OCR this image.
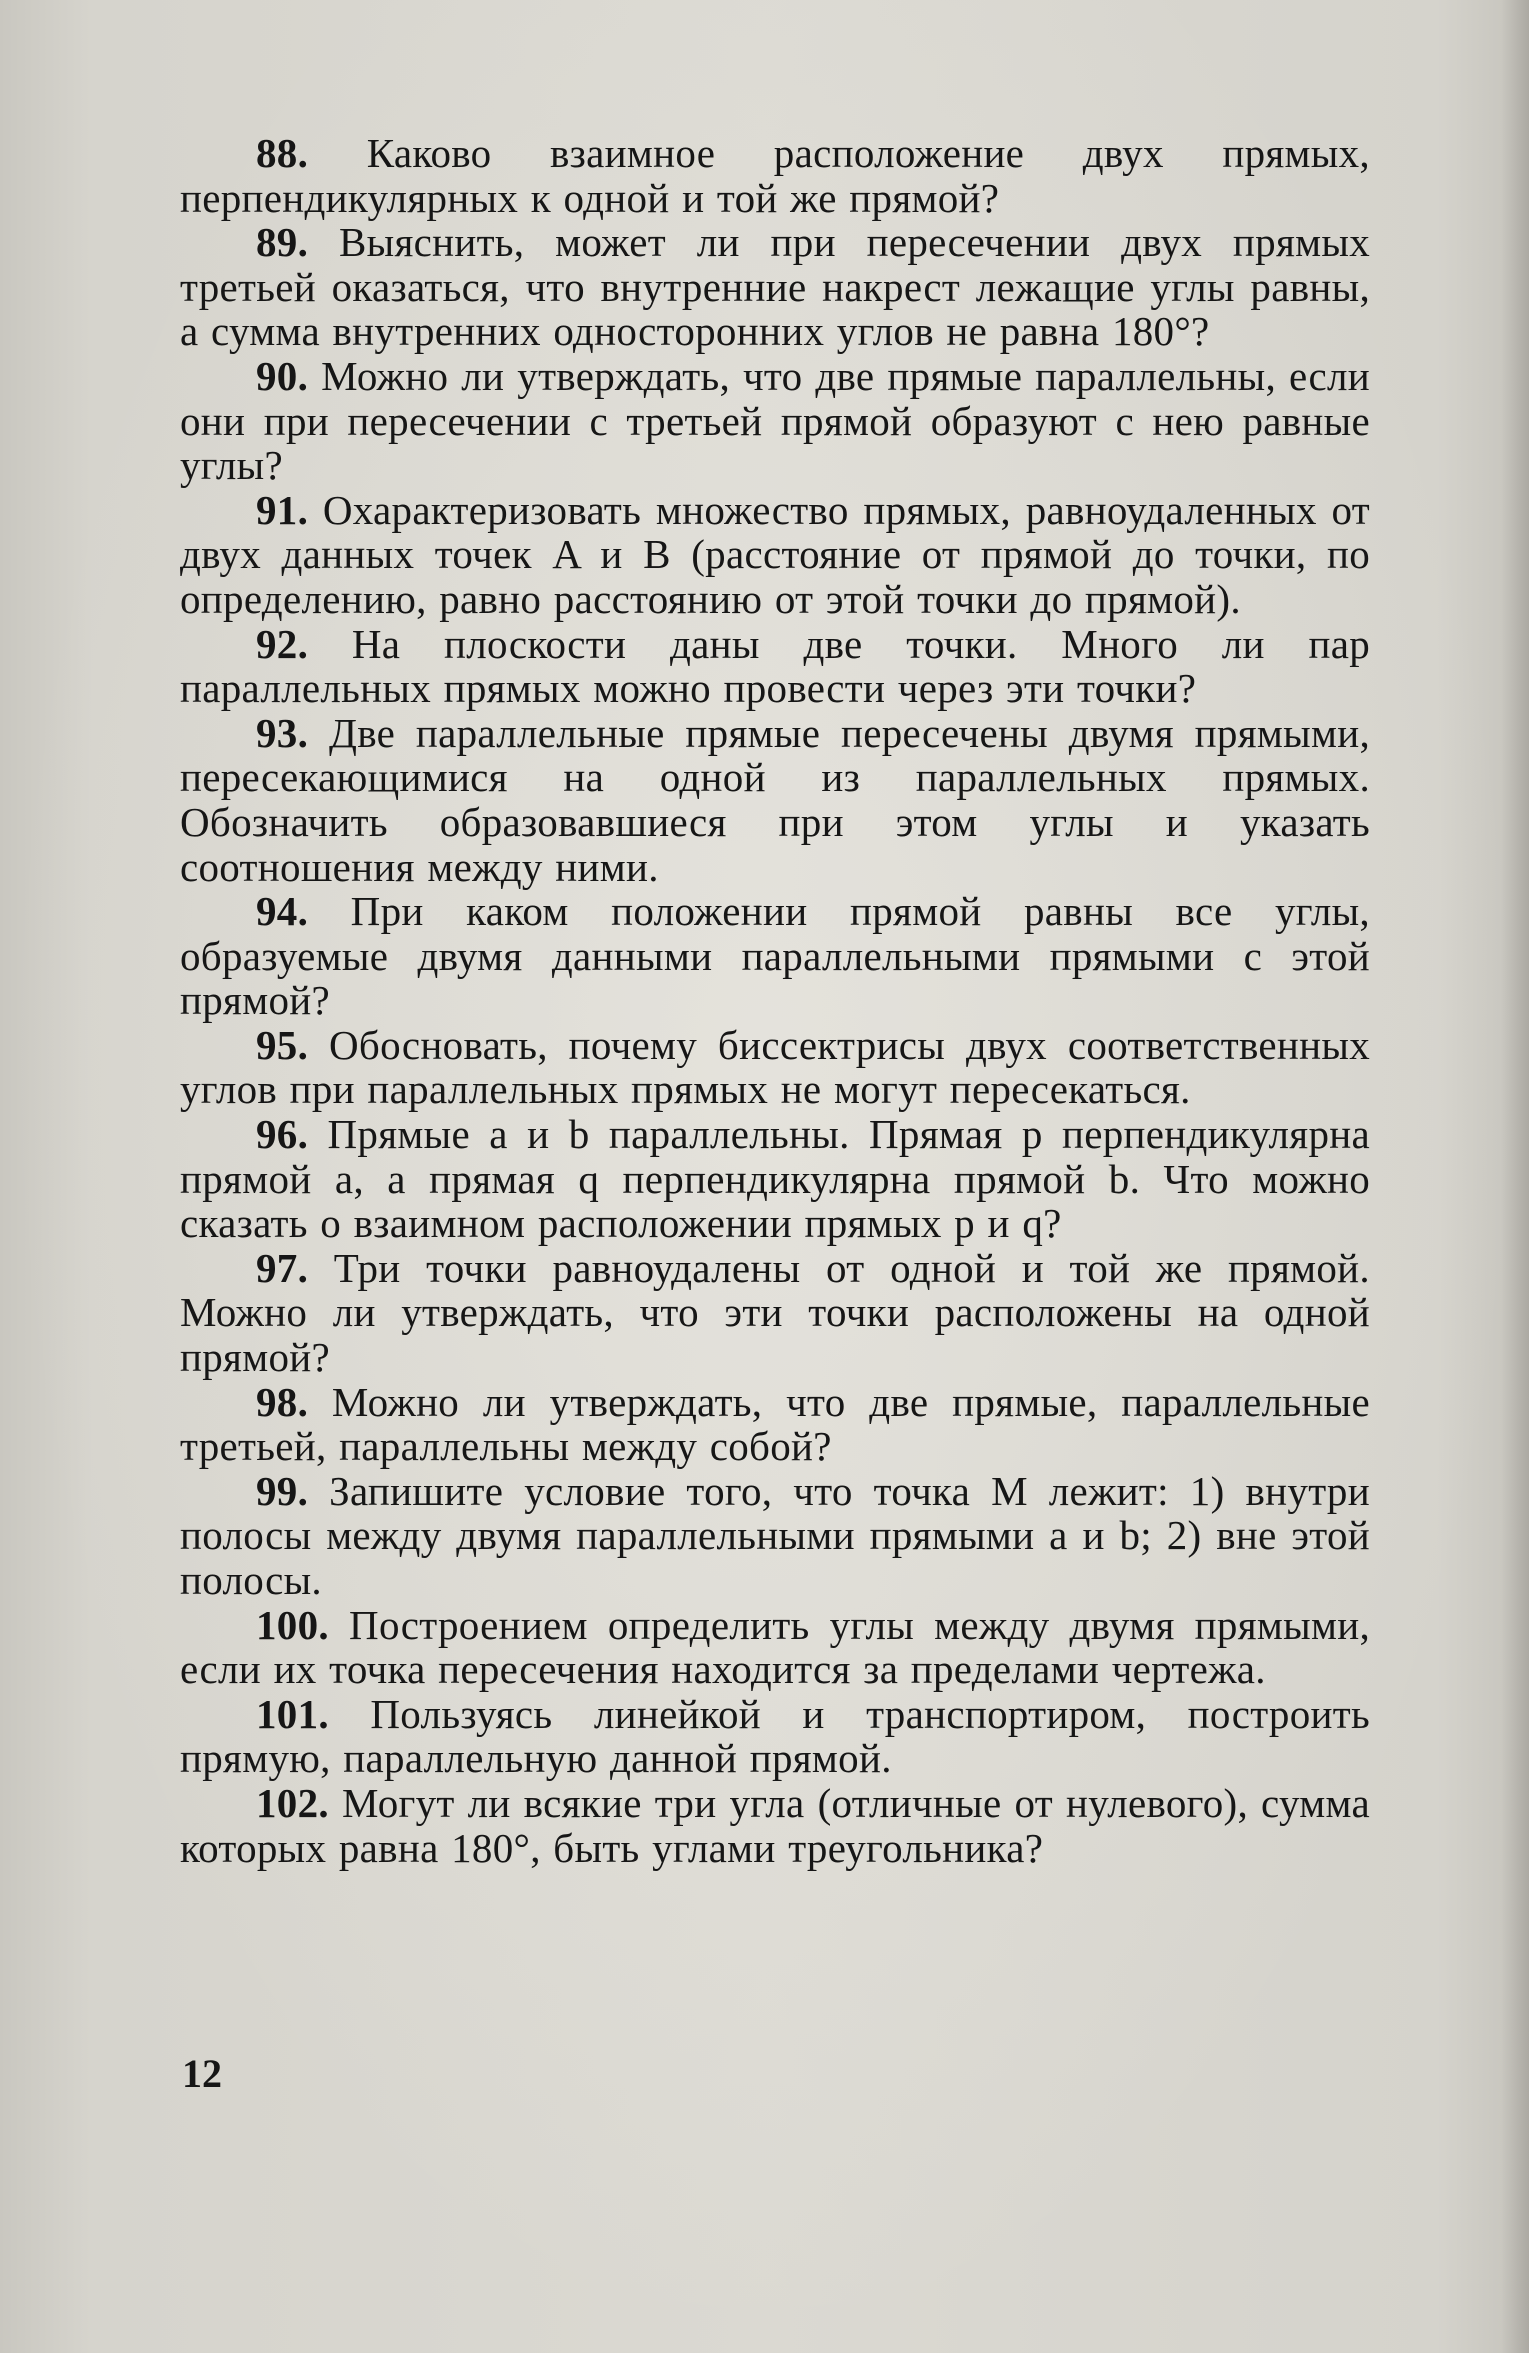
88. Каково взаимное расположение двух прямых, перпендикулярных к одной и той же прямой?

89. Выяснить, может ли при пересечении двух прямых третьей оказаться, что внутренние накрест лежащие углы равны, а сумма внутренних односторонних углов не равна 180°?

90. Можно ли утверждать, что две прямые параллельны, если они при пересечении с третьей прямой образуют с нею равные углы?

91. Охарактеризовать множество прямых, равноудаленных от двух данных точек A и B (расстояние от прямой до точки, по определению, равно расстоянию от этой точки до прямой).

92. На плоскости даны две точки. Много ли пар параллельных прямых можно провести через эти точки?

93. Две параллельные прямые пересечены двумя прямыми, пересекающимися на одной из параллельных прямых. Обозначить образовавшиеся при этом углы и указать соотношения между ними.

94. При каком положении прямой равны все углы, образуемые двумя данными параллельными прямыми с этой прямой?

95. Обосновать, почему биссектрисы двух соответственных углов при параллельных прямых не могут пересекаться.

96. Прямые a и b параллельны. Прямая p перпендикулярна прямой a, а прямая q перпендикулярна прямой b. Что можно сказать о взаимном расположении прямых p и q?

97. Три точки равноудалены от одной и той же прямой. Можно ли утверждать, что эти точки расположены на одной прямой?

98. Можно ли утверждать, что две прямые, параллельные третьей, параллельны между собой?

99. Запишите условие того, что точка M лежит: 1) внутри полосы между двумя параллельными прямыми a и b; 2) вне этой полосы.

100. Построением определить углы между двумя прямыми, если их точка пересечения находится за пределами чертежа.

101. Пользуясь линейкой и транспортиром, построить прямую, параллельную данной прямой.

102. Могут ли всякие три угла (отличные от нулевого), сумма которых равна 180°, быть углами треугольника?

12
